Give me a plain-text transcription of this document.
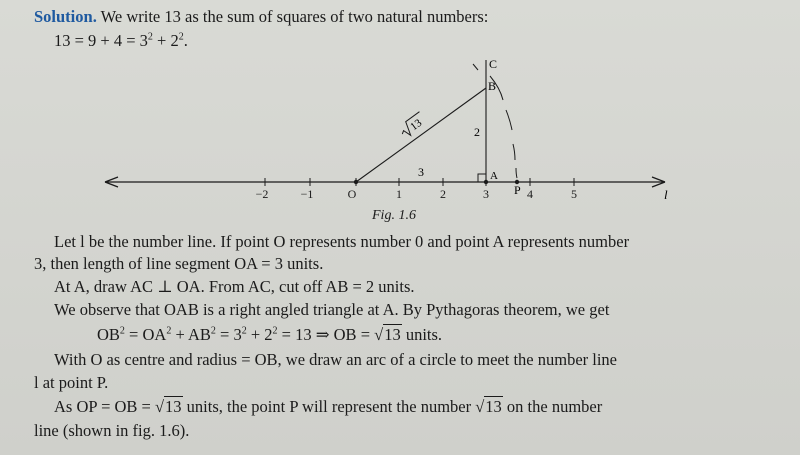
Solution. We write 13 as the sum of squares of two natural numbers:
$13 = 9 + 4 = 3^2 + 2^2$.
−2	−1	O	1	2	3	4	5
P	l
C
B
A
13
3
2
Fig. 1.6
Let l be the number line. If point O represents number 0 and point A represents number
3, then length of line segment OA = 3 units.
At A, draw AC ⊥ OA. From AC, cut off AB = 2 units.
We observe that OAB is a right angled triangle at A. By Pythagoras theorem, we get
$OB^2 = OA^2 + AB^2 = 3^2 + 2^2 = 13$ ⇒ OB = √13 units.
With O as centre and radius = OB, we draw an arc of a circle to meet the number line
l at point P.
As OP = OB = √13 units, the point P will represent the number √13 on the number
line (shown in fig. 1.6).
